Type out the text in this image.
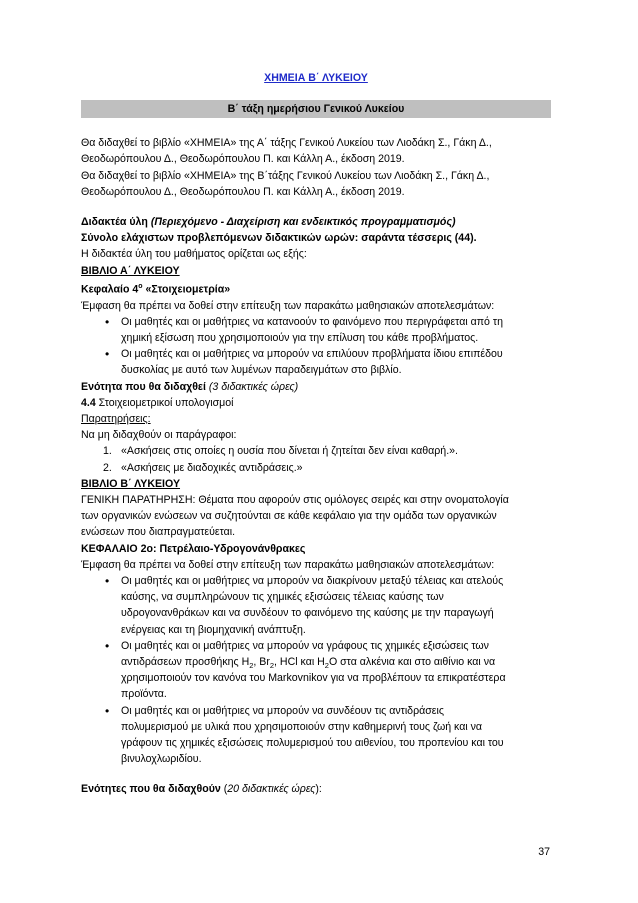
ΧΗΜΕΙΑ Β΄ ΛΥΚΕΙΟΥ
Β΄ τάξη ημερήσιου Γενικού Λυκείου

Θα διδαχθεί το βιβλίο «ΧΗΜΕΙΑ» της Α΄ τάξης Γενικού Λυκείου των Λιοδάκη Σ., Γάκη Δ.,

Θεοδωρόπουλου Δ., Θεοδωρόπουλου Π. και Κάλλη Α., έκδοση 2019.

Θα διδαχθεί το βιβλίο «ΧΗΜΕΙΑ» της Β΄τάξης Γενικού Λυκείου των Λιοδάκη Σ., Γάκη Δ.,

Θεοδωρόπουλου Δ., Θεοδωρόπουλου Π. και Κάλλη Α., έκδοση 2019.

Διδακτέα ύλη (Περιεχόμενο - Διαχείριση και ενδεικτικός προγραμματισμός)

Σύνολο ελάχιστων προβλεπόμενων διδακτικών ωρών: σαράντα τέσσερις (44).

Η διδακτέα ύλη του μαθήματος ορίζεται ως εξής:

ΒΙΒΛΙΟ Α΄ ΛΥΚΕΙΟΥ

Κεφαλαίο $4^o$ «Στοιχειομετρία»

Έμφαση θα πρέπει να δοθεί στην επίτευξη των παρακάτω μαθησιακών αποτελεσμάτων:

• Οι μαθητές και οι μαθήτριες να κατανοούν το φαινόμενο που περιγράφεται από τη
χημική εξίσωση που χρησιμοποιούν για την επίλυση του κάθε προβλήματος.
• Οι μαθητές και οι μαθήτριες να μπορούν να επιλύουν προβλήματα ίδιου επιπέδου
δυσκολίας με αυτό των λυμένων παραδειγμάτων στο βιβλίο.

Ενότητα που θα διδαχθεί (3 διδακτικές ώρες)

4.4 Στοιχειομετρικοί υπολογισμοί

Παρατηρήσεις:

Να μη διδαχθούν οι παράγραφοι:

1. «Ασκήσεις στις οποίες η ουσία που δίνεται ή ζητείται δεν είναι καθαρή.».
2. «Ασκήσεις με διαδοχικές αντιδράσεις.»

ΒΙΒΛΙΟ Β΄ ΛΥΚΕΙΟΥ

ΓΕΝΙΚΗ ΠΑΡΑΤΗΡΗΣΗ: Θέματα που αφορούν στις ομόλογες σειρές και στην ονοματολογία
των οργανικών ενώσεων να συζητούνται σε κάθε κεφάλαιο για την ομάδα των οργανικών
ενώσεων που διαπραγματεύεται.

ΚΕΦΑΛΑΙΟ 2ο: Πετρέλαιο-Υδρογονάνθρακες

Έμφαση θα πρέπει να δοθεί στην επίτευξη των παρακάτω μαθησιακών αποτελεσμάτων:

• Οι μαθητές και οι μαθήτριες να μπορούν να διακρίνουν μεταξύ τέλειας και ατελούς
καύσης, να συμπληρώνουν τις χημικές εξισώσεις τέλειας καύσης των
υδρογονανθράκων και να συνδέουν το φαινόμενο της καύσης με την παραγωγή
ενέργειας και τη βιομηχανική ανάπτυξη.
• Οι μαθητές και οι μαθήτριες να μπορούν να γράφους τις χημικές εξισώσεις των
αντιδράσεων προσθήκης $H_2$, $Br_2$, HCl και $H_2O$ στα αλκένια και στο αιθίνιο και να
χρησιμοποιούν τον κανόνα του Markovnikov για να προβλέπουν τα επικρατέστερα
προϊόντα.
• Οι μαθητές και οι μαθήτριες να μπορούν να συνδέουν τις αντιδράσεις
πολυμερισμού με υλικά που χρησιμοποιούν στην καθημερινή τους ζωή και να
γράφουν τις χημικές εξισώσεις πολυμερισμού του αιθενίου, του προπενίου και του
βινυλοχλωριδίου.

Ενότητες που θα διδαχθούν (20 διδακτικές ώρες):

37
